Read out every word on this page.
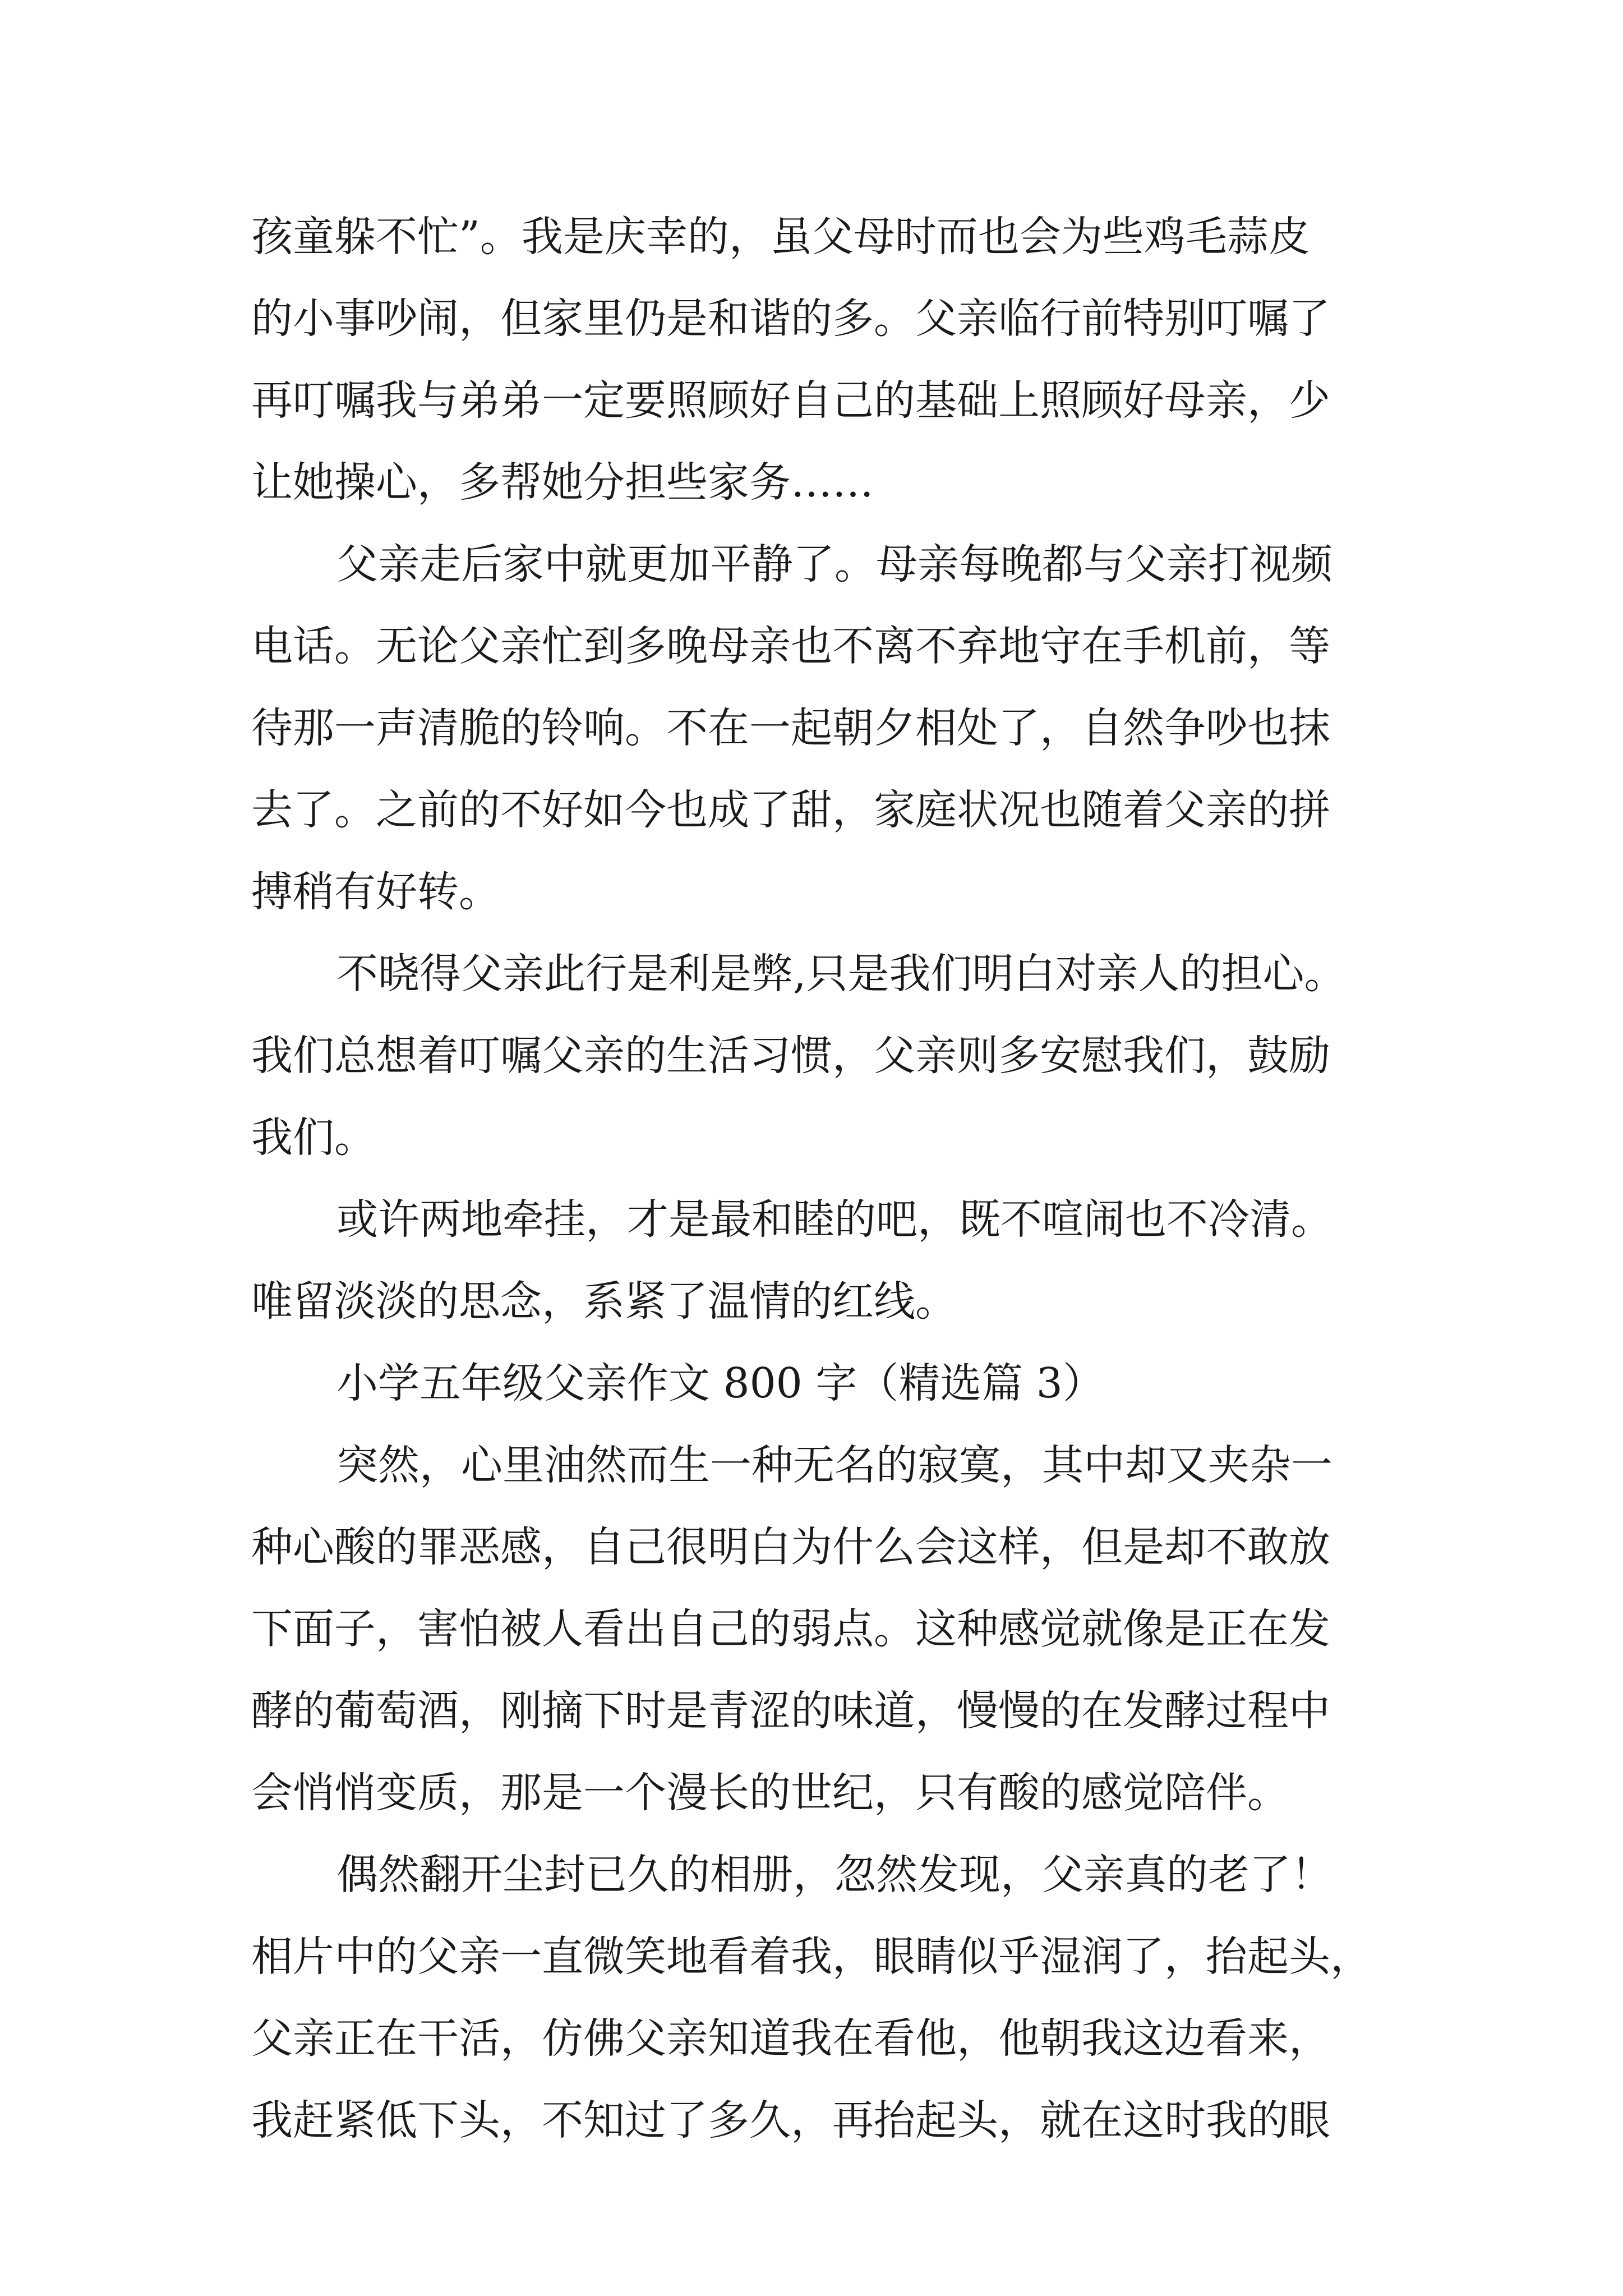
孩童躲不忙”。我是庆幸的，虽父母时而也会为些鸡毛蒜皮
的小事吵闹，但家里仍是和谐的多。父亲临行前特别叮嘱了
再叮嘱我与弟弟一定要照顾好自己的基础上照顾好母亲，少
让她操心，多帮她分担些家务……
父亲走后家中就更加平静了。母亲每晚都与父亲打视频
电话。无论父亲忙到多晚母亲也不离不弃地守在手机前，等
待那一声清脆的铃响。不在一起朝夕相处了，自然争吵也抹
去了。之前的不好如今也成了甜，家庭状况也随着父亲的拼
搏稍有好转。
不晓得父亲此行是利是弊,只是我们明白对亲人的担心。
我们总想着叮嘱父亲的生活习惯，父亲则多安慰我们，鼓励
我们。
或许两地牵挂，才是最和睦的吧，既不喧闹也不冷清。
唯留淡淡的思念，系紧了温情的红线。
小学五年级父亲作文 800 字（精选篇 3）
突然，心里油然而生一种无名的寂寞，其中却又夹杂一
种心酸的罪恶感，自己很明白为什么会这样，但是却不敢放
下面子，害怕被人看出自己的弱点。这种感觉就像是正在发
酵的葡萄酒，刚摘下时是青涩的味道，慢慢的在发酵过程中
会悄悄变质，那是一个漫长的世纪，只有酸的感觉陪伴。
偶然翻开尘封已久的相册，忽然发现，父亲真的老了！
相片中的父亲一直微笑地看着我，眼睛似乎湿润了，抬起头，
父亲正在干活，仿佛父亲知道我在看他，他朝我这边看来，
我赶紧低下头，不知过了多久，再抬起头，就在这时我的眼
